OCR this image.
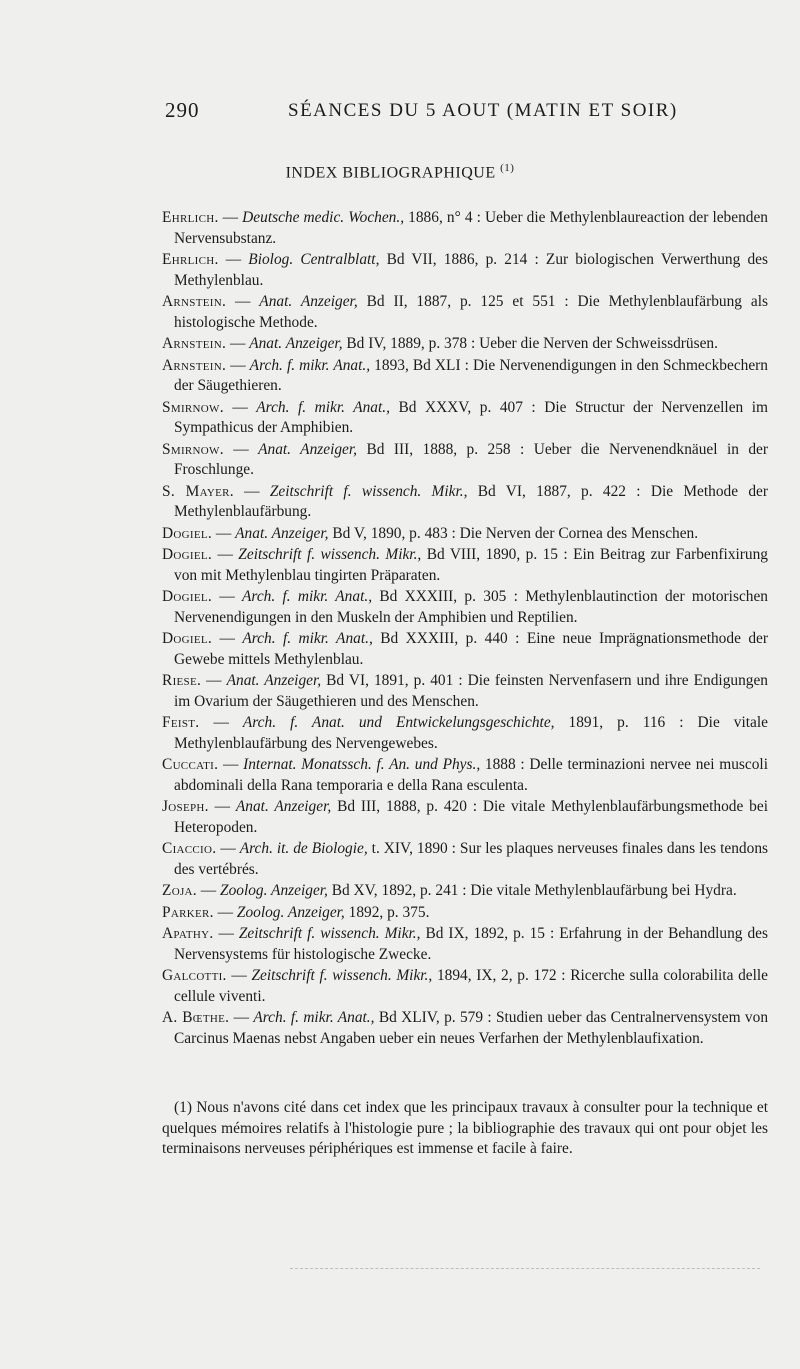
290	SÉANCES DU 5 AOUT (MATIN ET SOIR)
INDEX BIBLIOGRAPHIQUE $^{(1)}$

Ehrlich. — Deutsche medic. Wochen., 1886, n° 4 : Ueber die Methylenblaureaction der lebenden Nervensubstanz.

Ehrlich. — Biolog. Centralblatt, Bd VII, 1886, p. 214 : Zur biologischen Verwerthung des Methylenblau.

Arnstein. — Anat. Anzeiger, Bd II, 1887, p. 125 et 551 : Die Methylenblaufärbung als histologische Methode.

Arnstein. — Anat. Anzeiger, Bd IV, 1889, p. 378 : Ueber die Nerven der Schweissdrüsen.

Arnstein. — Arch. f. mikr. Anat., 1893, Bd XLI : Die Nervenendigungen in den Schmeckbechern der Säugethieren.

Smirnow. — Arch. f. mikr. Anat., Bd XXXV, p. 407 : Die Structur der Nervenzellen im Sympathicus der Amphibien.

Smirnow. — Anat. Anzeiger, Bd III, 1888, p. 258 : Ueber die Nervenendknäuel in der Froschlunge.

S. Mayer. — Zeitschrift f. wissench. Mikr., Bd VI, 1887, p. 422 : Die Methode der Methylenblaufärbung.

Dogiel. — Anat. Anzeiger, Bd V, 1890, p. 483 : Die Nerven der Cornea des Menschen.

Dogiel. — Zeitschrift f. wissench. Mikr., Bd VIII, 1890, p. 15 : Ein Beitrag zur Farbenfixirung von mit Methylenblau tingirten Präparaten.

Dogiel. — Arch. f. mikr. Anat., Bd XXXIII, p. 305 : Methylenblautinction der motorischen Nervenendigungen in den Muskeln der Amphibien und Reptilien.

Dogiel. — Arch. f. mikr. Anat., Bd XXXIII, p. 440 : Eine neue Imprägnationsmethode der Gewebe mittels Methylenblau.

Riese. — Anat. Anzeiger, Bd VI, 1891, p. 401 : Die feinsten Nervenfasern und ihre Endigungen im Ovarium der Säugethieren und des Menschen.

Feist. — Arch. f. Anat. und Entwickelungsgeschichte, 1891, p. 116 : Die vitale Methylenblaufärbung des Nervengewebes.

Cuccati. — Internat. Monatssch. f. An. und Phys., 1888 : Delle terminazioni nervee nei muscoli abdominali della Rana temporaria e della Rana esculenta.

Joseph. — Anat. Anzeiger, Bd III, 1888, p. 420 : Die vitale Methylenblaufärbungsmethode bei Heteropoden.

Ciaccio. — Arch. it. de Biologie, t. XIV, 1890 : Sur les plaques nerveuses finales dans les tendons des vertébrés.

Zoja. — Zoolog. Anzeiger, Bd XV, 1892, p. 241 : Die vitale Methylenblaufärbung bei Hydra.

Parker. — Zoolog. Anzeiger, 1892, p. 375.

Apathy. — Zeitschrift f. wissench. Mikr., Bd IX, 1892, p. 15 : Erfahrung in der Behandlung des Nervensystems für histologische Zwecke.

Galcotti. — Zeitschrift f. wissench. Mikr., 1894, IX, 2, p. 172 : Ricerche sulla colorabilita delle cellule viventi.

A. Bœthe. — Arch. f. mikr. Anat., Bd XLIV, p. 579 : Studien ueber das Centralnervensystem von Carcinus Maenas nebst Angaben ueber ein neues Verfarhen der Methylenblaufixation.

(1) Nous n'avons cité dans cet index que les principaux travaux à consulter pour la technique et quelques mémoires relatifs à l'histologie pure ; la bibliographie des travaux qui ont pour objet les terminaisons nerveuses périphériques est immense et facile à faire.
